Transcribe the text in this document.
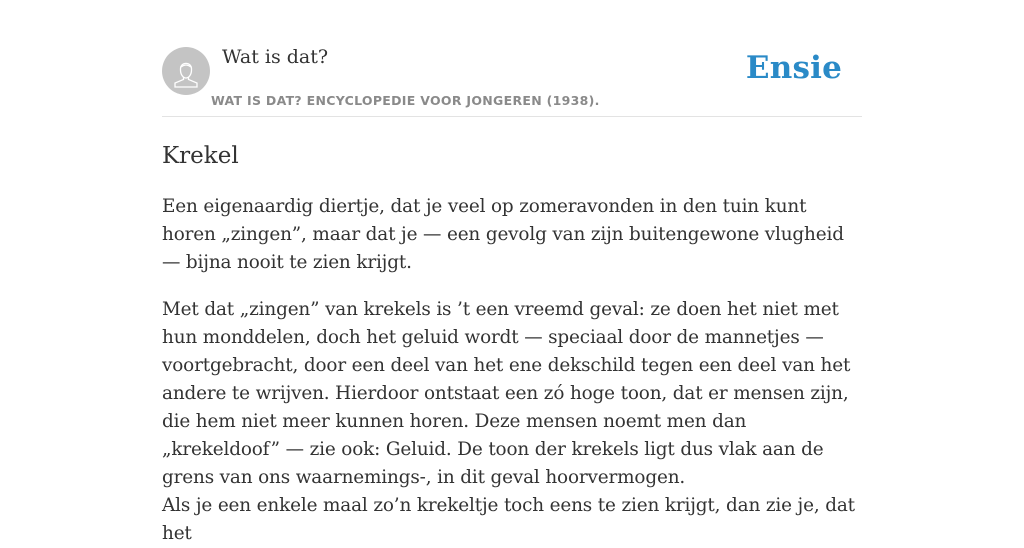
Wat is dat?
WAT IS DAT? ENCYCLOPEDIE VOOR JONGEREN (1938).
Ensie
Krekel

Een eigenaardig diertje, dat je veel op zomeravonden in den tuin kunt horen „zingen”, maar dat je — een gevolg van zijn buitengewone vlugheid — bijna nooit te zien krijgt.

Met dat „zingen” van krekels is ’t een vreemd geval: ze doen het niet met hun monddelen, doch het geluid wordt — speciaal door de mannetjes — voortgebracht, door een deel van het ene dekschild tegen een deel van het andere te wrijven. Hierdoor ontstaat een zó hoge toon, dat er mensen zijn, die hem niet meer kunnen horen. Deze mensen noemt men dan „krekeldoof” — zie ook: Geluid. De toon der krekels ligt dus vlak aan de grens van ons waarnemings-, in dit geval hoorvermogen.

Als je een enkele maal zo’n krekeltje toch eens te zien krijgt, dan zie je, dat het
